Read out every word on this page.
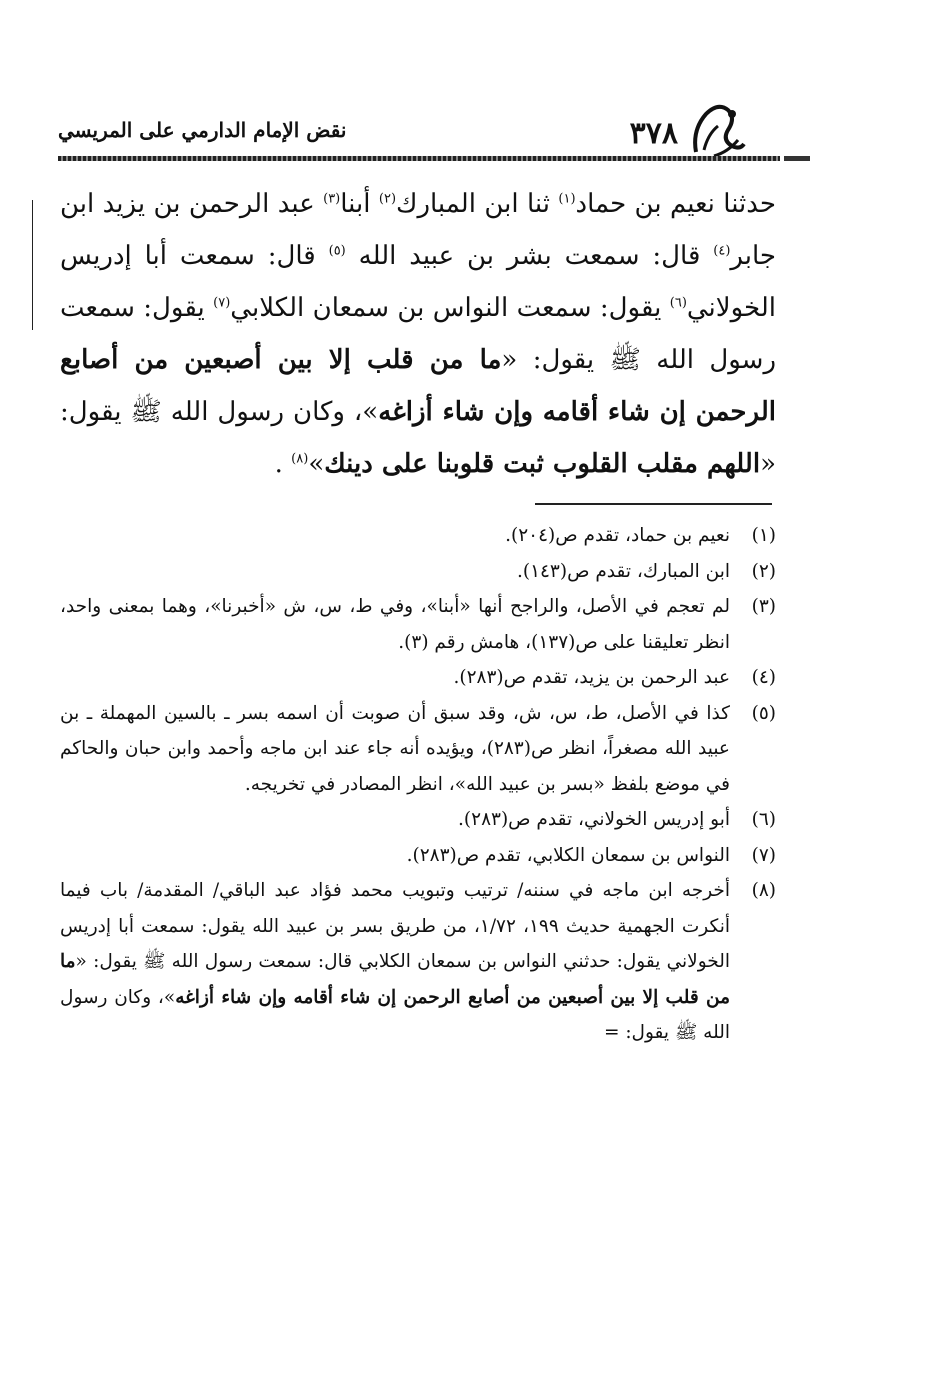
٣٧٨
نقض الإمام الدارمي على المريسي

حدثنا نعيم بن حماد$^{(١)}$ ثنا ابن المبارك$^{(٢)}$ أبنا$^{(٣)}$ عبد الرحمن بن يزيد ابن جابر$^{(٤)}$ قال: سمعت بشر بن عبيد الله $^{(٥)}$ قال: سمعت أبا إدريس الخولاني$^{(٦)}$ يقول: سمعت النواس بن سمعان الكلابي$^{(٧)}$ يقول: سمعت رسول الله ﷺ يقول: «ما من قلب إلا بين أصبعين من أصابع الرحمن إن شاء أقامه وإن شاء أزاغه»، وكان رسول الله ﷺ يقول: «اللهم مقلب القلوب ثبت قلوبنا على دينك»$^{(٨)}$ .

(١)
نعيم بن حماد، تقدم ص(٢٠٤).
(٢)
ابن المبارك، تقدم ص(١٤٣).
(٣)
لم تعجم في الأصل، والراجح أنها «أبنا»، وفي ط، س، ش «أخبرنا»، وهما بمعنى واحد، انظر تعليقنا على ص(١٣٧)، هامش رقم (٣).
(٤)
عبد الرحمن بن يزيد، تقدم ص(٢٨٣).
(٥)
كذا في الأصل، ط، س، ش، وقد سبق أن صوبت أن اسمه بسر ـ بالسين المهملة ـ بن عبيد الله مصغراً، انظر ص(٢٨٣)، ويؤيده أنه جاء عند ابن ماجه وأحمد وابن حبان والحاكم في موضع بلفظ «بسر بن عبيد الله»، انظر المصادر في تخريجه.
(٦)
أبو إدريس الخولاني، تقدم ص(٢٨٣).
(٧)
النواس بن سمعان الكلابي، تقدم ص(٢٨٣).
(٨)
أخرجه ابن ماجه في سننه/ ترتيب وتبويب محمد فؤاد عبد الباقي/ المقدمة/ باب فيما أنكرت الجهمية حديث ١٩٩، ١/٧٢، من طريق بسر بن عبيد الله يقول: سمعت أبا إدريس الخولاني يقول: حدثني النواس بن سمعان الكلابي قال: سمعت رسول الله ﷺ يقول: «ما من قلب إلا بين أصبعين من أصابع الرحمن إن شاء أقامه وإن شاء أزاغه»، وكان رسول الله ﷺ يقول: =
